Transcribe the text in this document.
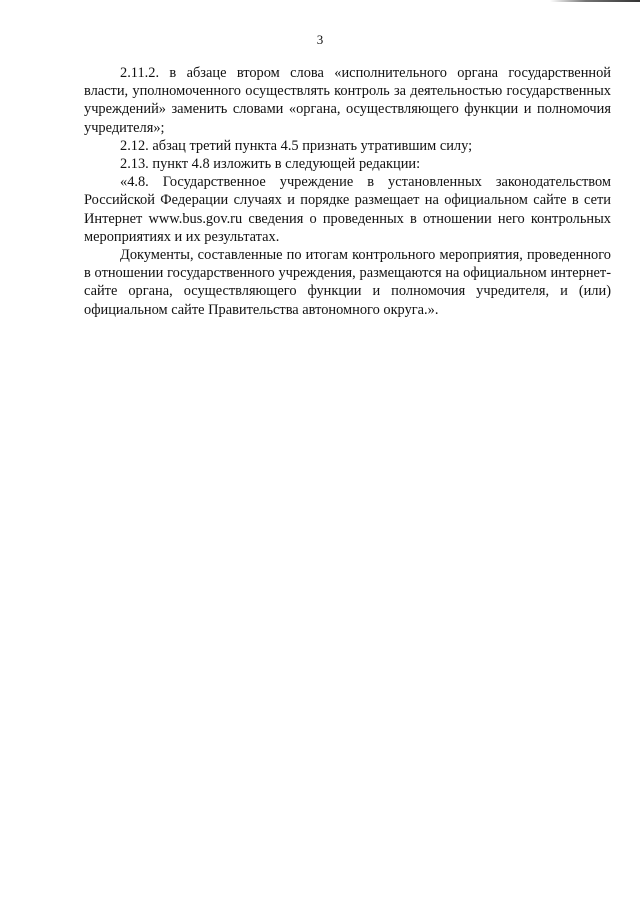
3

2.11.2. в абзаце втором слова «исполнительного органа государственной власти, уполномоченного осуществлять контроль за деятельностью государственных учреждений» заменить словами «органа, осуществляющего функции и полномочия учредителя»;

2.12. абзац третий пункта 4.5 признать утратившим силу;

2.13. пункт 4.8 изложить в следующей редакции:

«4.8. Государственное учреждение в установленных законодательством Российской Федерации случаях и порядке размещает на официальном сайте в сети Интернет www.bus.gov.ru сведения о проведенных в отношении него контрольных мероприятиях и их результатах.

Документы, составленные по итогам контрольного мероприятия, проведенного в отношении государственного учреждения, размещаются на официальном интернет-сайте органа, осуществляющего функции и полномочия учредителя, и (или) официальном сайте Правительства автономного округа.».
